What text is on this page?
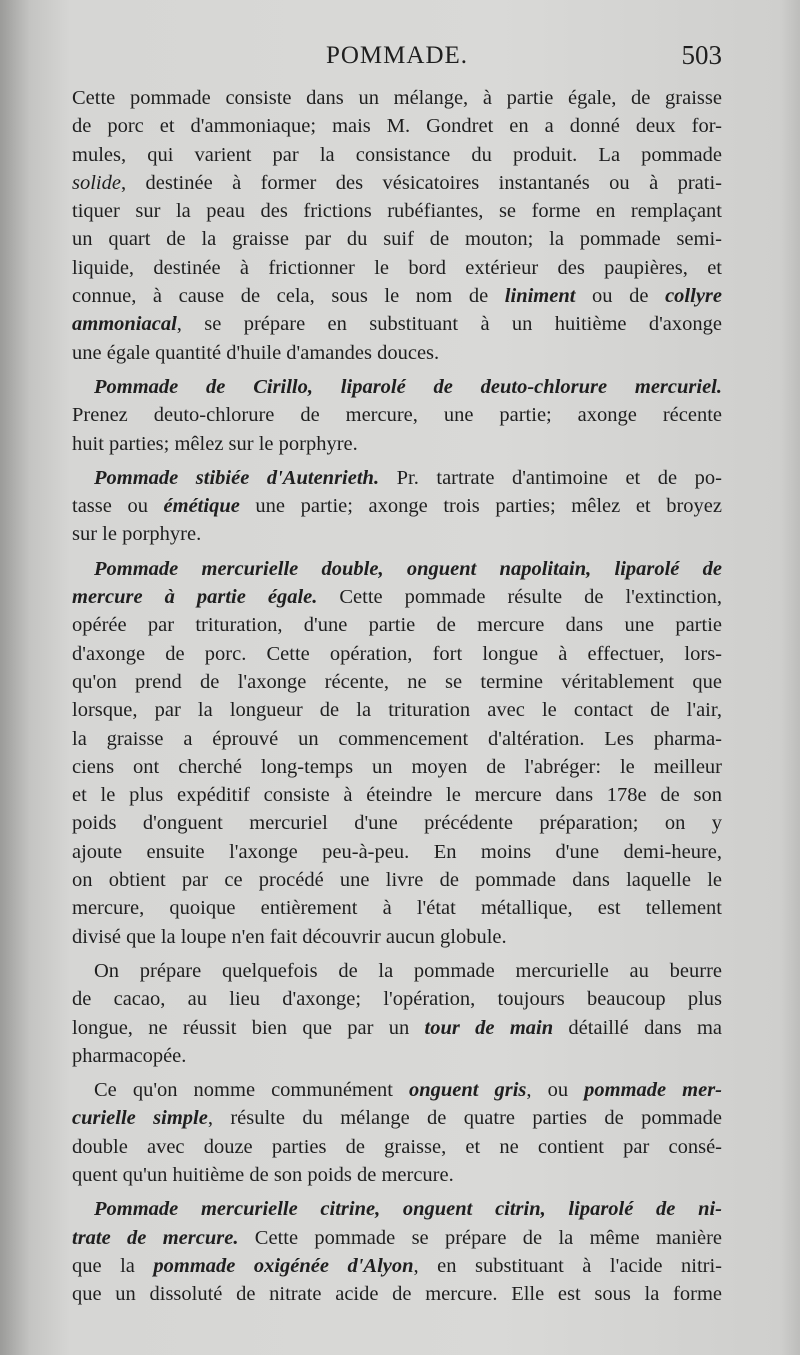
POMMADE.	503
Cette pommade consiste dans un mélange, à partie égale, de graisse
de porc et d'ammoniaque; mais M. Gondret en a donné deux for-
mules, qui varient par la consistance du produit. La pommade
solide, destinée à former des vésicatoires instantanés ou à prati-
tiquer sur la peau des frictions rubéfiantes, se forme en remplaçant
un quart de la graisse par du suif de mouton; la pommade semi-
liquide, destinée à frictionner le bord extérieur des paupières, et
connue, à cause de cela, sous le nom de liniment ou de collyre
ammoniacal, se prépare en substituant à un huitième d'axonge
une égale quantité d'huile d'amandes douces.
Pommade de Cirillo, liparolé de deuto-chlorure mercuriel.
Prenez deuto-chlorure de mercure, une partie; axonge récente
huit parties; mêlez sur le porphyre.
Pommade stibiée d'Autenrieth. Pr. tartrate d'antimoine et de po-
tasse ou émétique une partie; axonge trois parties; mêlez et broyez
sur le porphyre.
Pommade mercurielle double, onguent napolitain, liparolé de
mercure à partie égale. Cette pommade résulte de l'extinction,
opérée par trituration, d'une partie de mercure dans une partie
d'axonge de porc. Cette opération, fort longue à effectuer, lors-
qu'on prend de l'axonge récente, ne se termine véritablement que
lorsque, par la longueur de la trituration avec le contact de l'air,
la graisse a éprouvé un commencement d'altération. Les pharma-
ciens ont cherché long-temps un moyen de l'abréger: le meilleur
et le plus expéditif consiste à éteindre le mercure dans 178e de son
poids d'onguent mercuriel d'une précédente préparation; on y
ajoute ensuite l'axonge peu-à-peu. En moins d'une demi-heure,
on obtient par ce procédé une livre de pommade dans laquelle le
mercure, quoique entièrement à l'état métallique, est tellement
divisé que la loupe n'en fait découvrir aucun globule.
On prépare quelquefois de la pommade mercurielle au beurre
de cacao, au lieu d'axonge; l'opération, toujours beaucoup plus
longue, ne réussit bien que par un tour de main détaillé dans ma
pharmacopée.
Ce qu'on nomme communément onguent gris, ou pommade mer-
curielle simple, résulte du mélange de quatre parties de pommade
double avec douze parties de graisse, et ne contient par consé-
quent qu'un huitième de son poids de mercure.
Pommade mercurielle citrine, onguent citrin, liparolé de ni-
trate de mercure. Cette pommade se prépare de la même manière
que la pommade oxigénée d'Alyon, en substituant à l'acide nitri-
que un dissoluté de nitrate acide de mercure. Elle est sous la forme
